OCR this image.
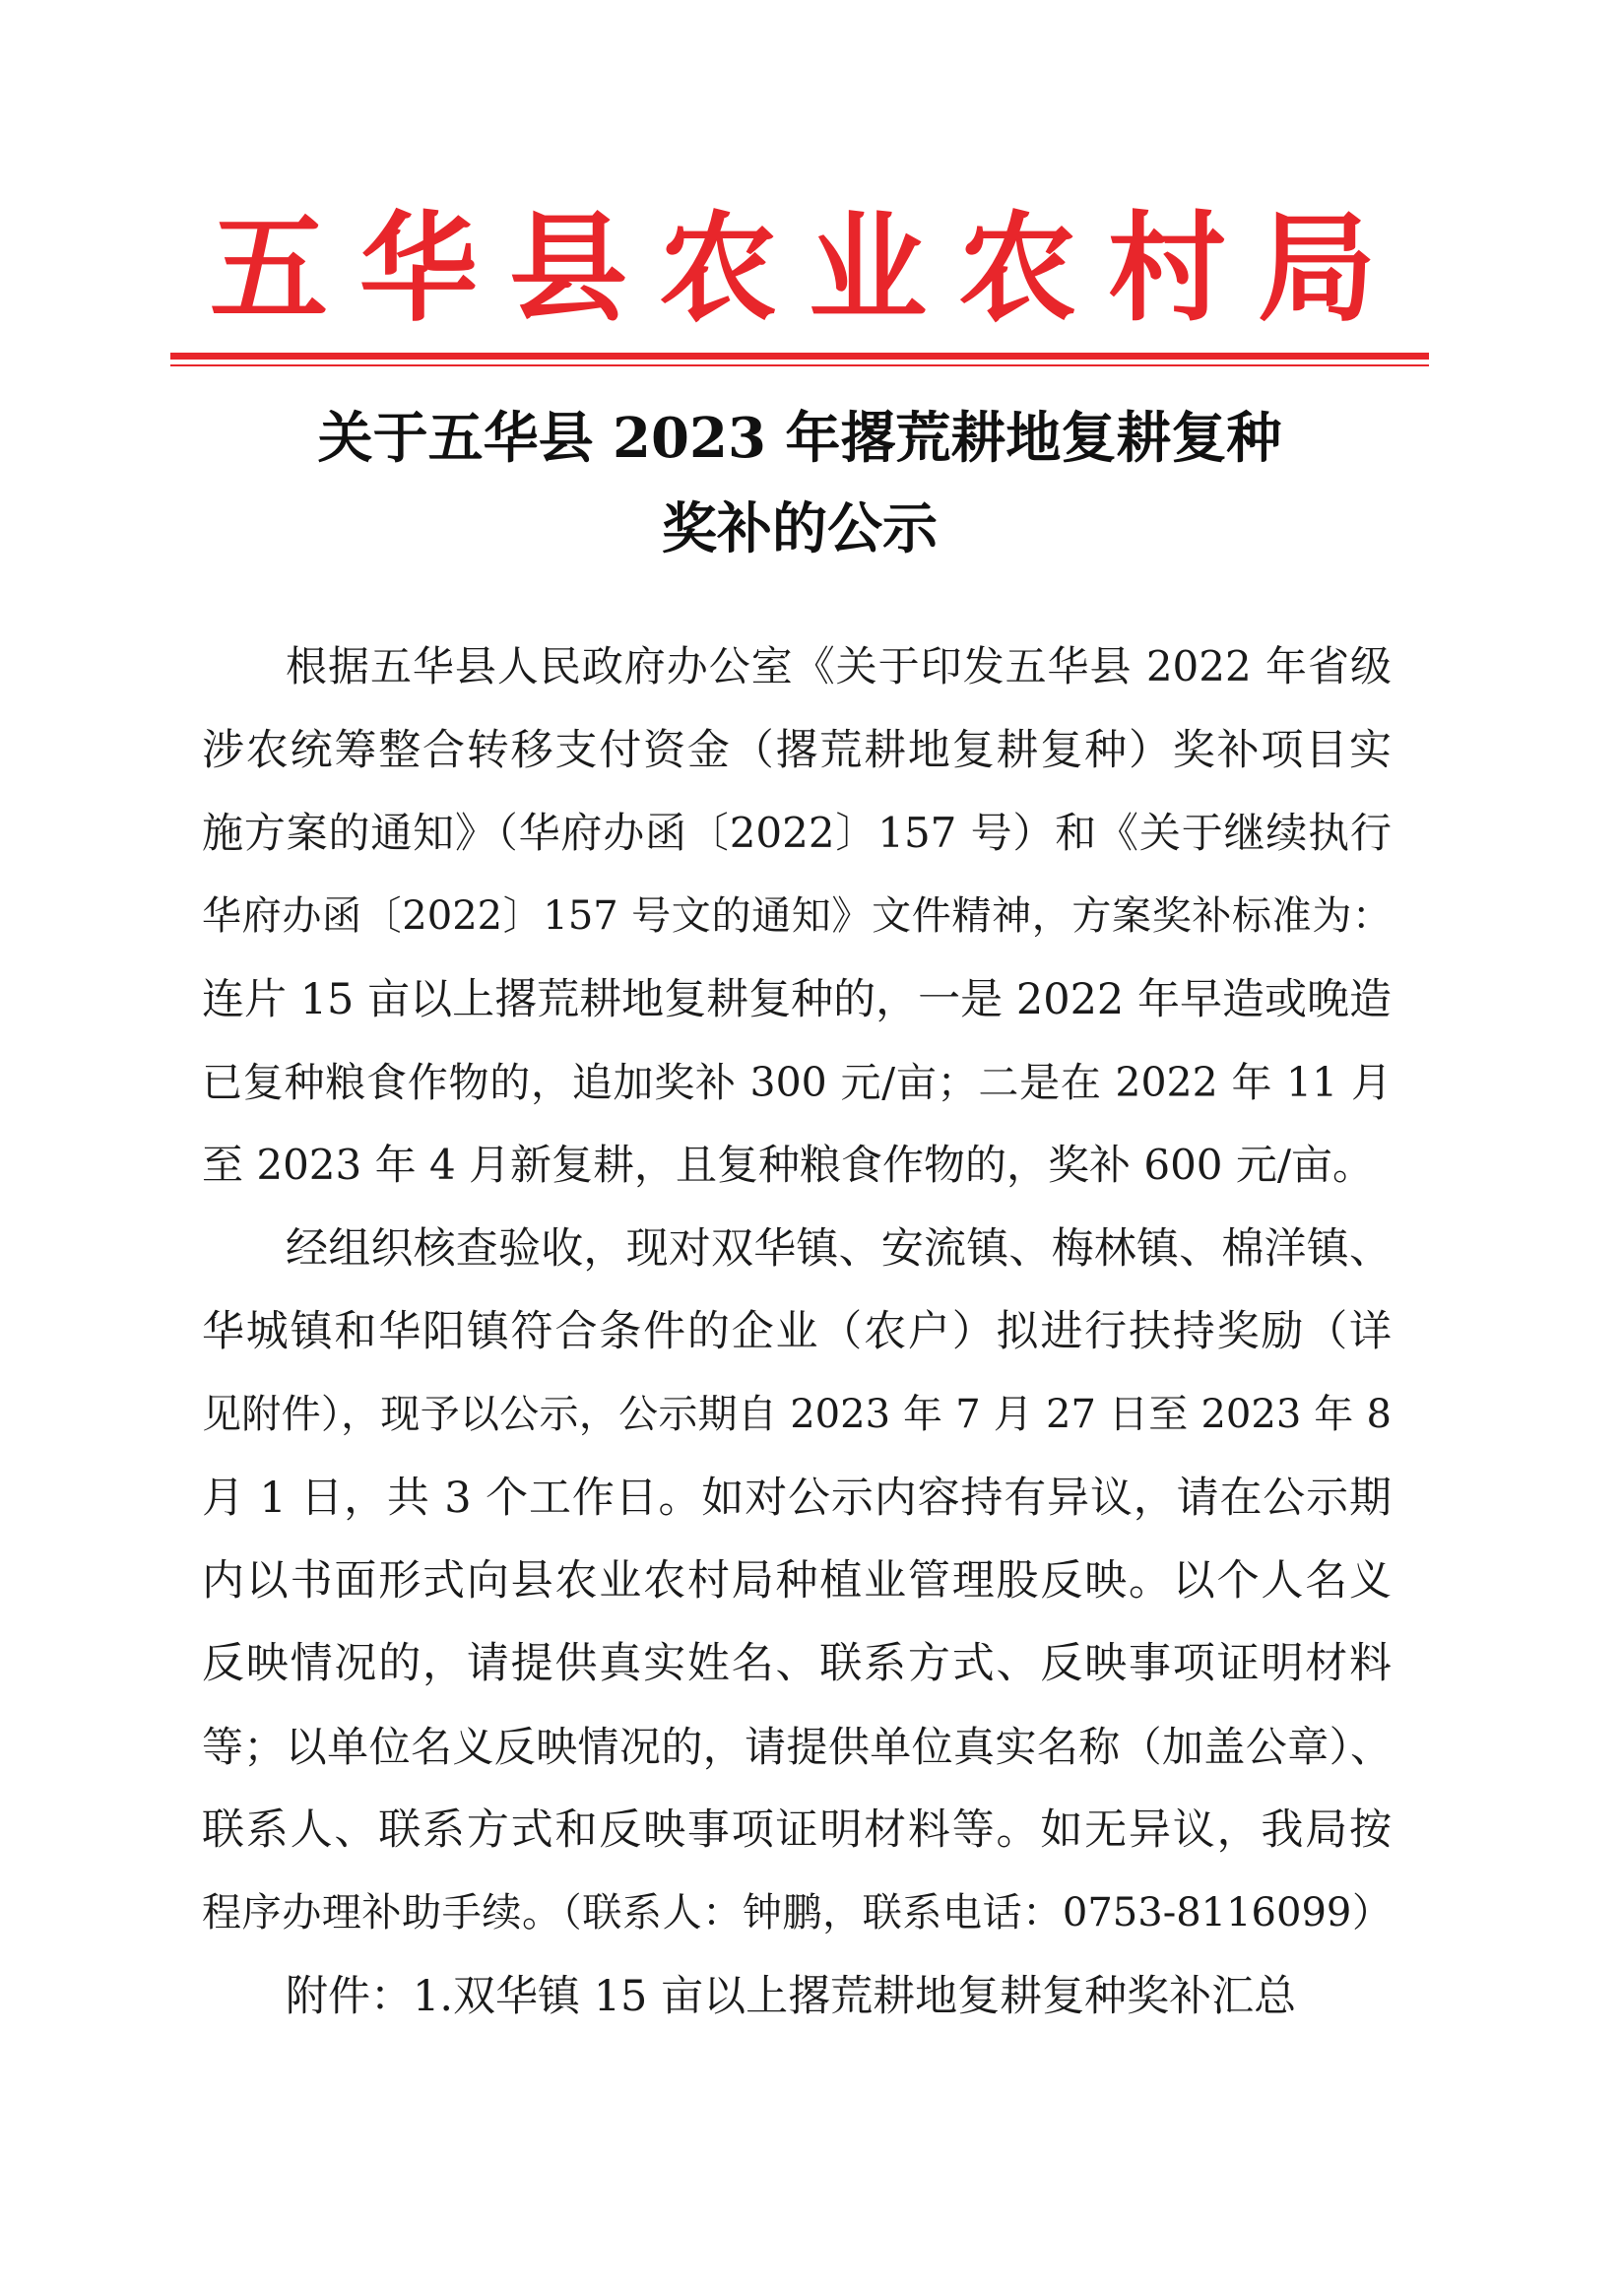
五 华 县 农 业 农 村 局
关于五华县 2023 年撂荒耕地复耕复种
奖补的公示
根据五华县人民政府办公室《关于印发五华县 2022 年省级
涉农统筹整合转移支付资金（撂荒耕地复耕复种）奖补项目实
施方案的通知》（华府办函〔2022〕157 号）和《关于继续执行
华府办函〔2022〕157 号文的通知》文件精神，方案奖补标准为：
连片 15 亩以上撂荒耕地复耕复种的，一是 2022 年早造或晚造
已复种粮食作物的，追加奖补 300 元/亩；二是在 2022 年 11 月
至 2023 年 4 月新复耕，且复种粮食作物的，奖补 600 元/亩。
经组织核查验收，现对双华镇、安流镇、梅林镇、棉洋镇、
华城镇和华阳镇符合条件的企业（农户）拟进行扶持奖励（详
见附件），现予以公示，公示期自 2023 年 7 月 27 日至 2023 年 8
月 1 日，共 3 个工作日。如对公示内容持有异议，请在公示期
内以书面形式向县农业农村局种植业管理股反映。以个人名义
反映情况的，请提供真实姓名、联系方式、反映事项证明材料
等；以单位名义反映情况的，请提供单位真实名称（加盖公章）、
联系人、联系方式和反映事项证明材料等。如无异议，我局按
程序办理补助手续。（联系人：钟鹏，联系电话：0753-8116099）
附件：1.双华镇 15 亩以上撂荒耕地复耕复种奖补汇总
